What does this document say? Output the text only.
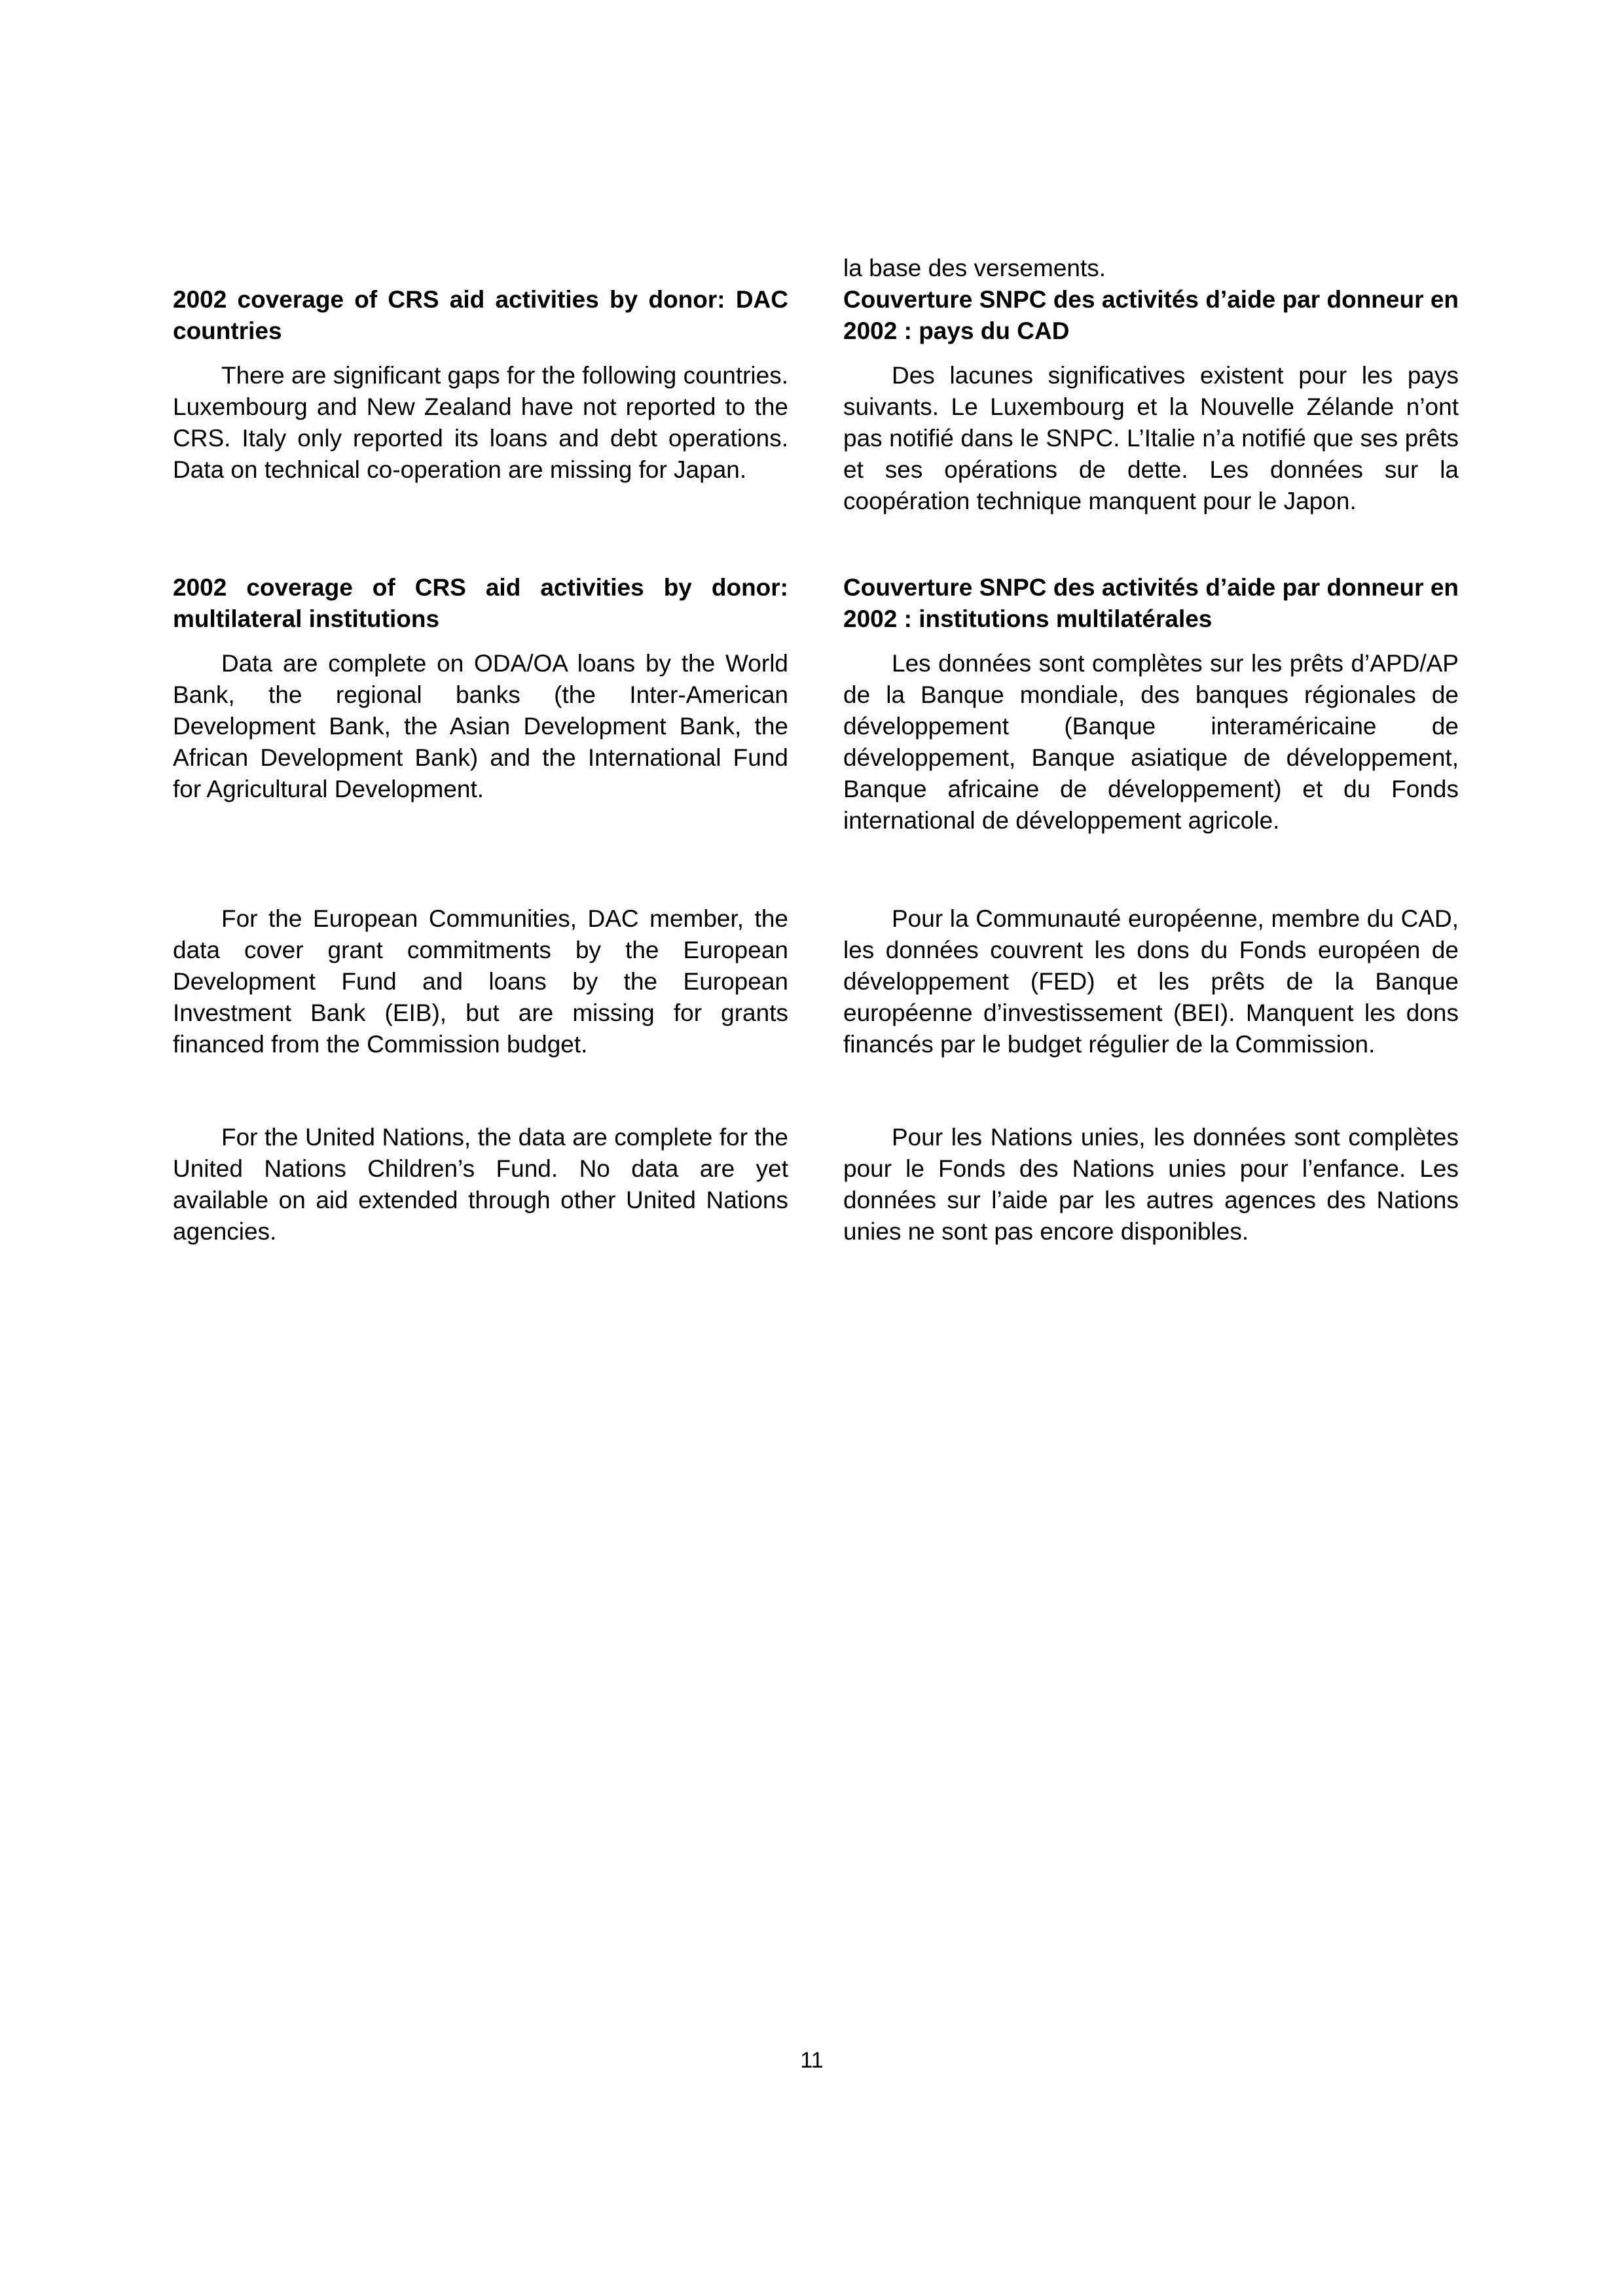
2002 coverage of CRS aid activities by donor: DAC countries

There are significant gaps for the following countries. Luxembourg and New Zealand have not reported to the CRS. Italy only reported its loans and debt operations. Data on technical co-operation are missing for Japan.

2002 coverage of CRS aid activities by donor: multilateral institutions

Data are complete on ODA/OA loans by the World Bank, the regional banks (the Inter-American Development Bank, the Asian Development Bank, the African Development Bank) and the International Fund for Agricultural Development.

For the European Communities, DAC member, the data cover grant commitments by the European Development Fund and loans by the European Investment Bank (EIB), but are missing for grants financed from the Commission budget.

For the United Nations, the data are complete for the United Nations Children’s Fund. No data are yet available on aid extended through other United Nations agencies.

la base des versements.

Couverture SNPC des activités d’aide par donneur en 2002 : pays du CAD

Des lacunes significatives existent pour les pays suivants. Le Luxembourg et la Nouvelle Zélande n’ont pas notifié dans le SNPC. L’Italie n’a notifié que ses prêts et ses opérations de dette. Les données sur la coopération technique manquent pour le Japon.

Couverture SNPC des activités d’aide par donneur en 2002 : institutions multilatérales

Les données sont complètes sur les prêts d’APD/AP de la Banque mondiale, des banques régionales de développement (Banque interaméricaine de développement, Banque asiatique de développement, Banque africaine de développement) et du Fonds international de développement agricole.

Pour la Communauté européenne, membre du CAD, les données couvrent les dons du Fonds européen de développement (FED) et les prêts de la Banque européenne d’investissement (BEI). Manquent les dons financés par le budget régulier de la Commission.

Pour les Nations unies, les données sont complètes pour le Fonds des Nations unies pour l’enfance. Les données sur l’aide par les autres agences des Nations unies ne sont pas encore disponibles.

11
